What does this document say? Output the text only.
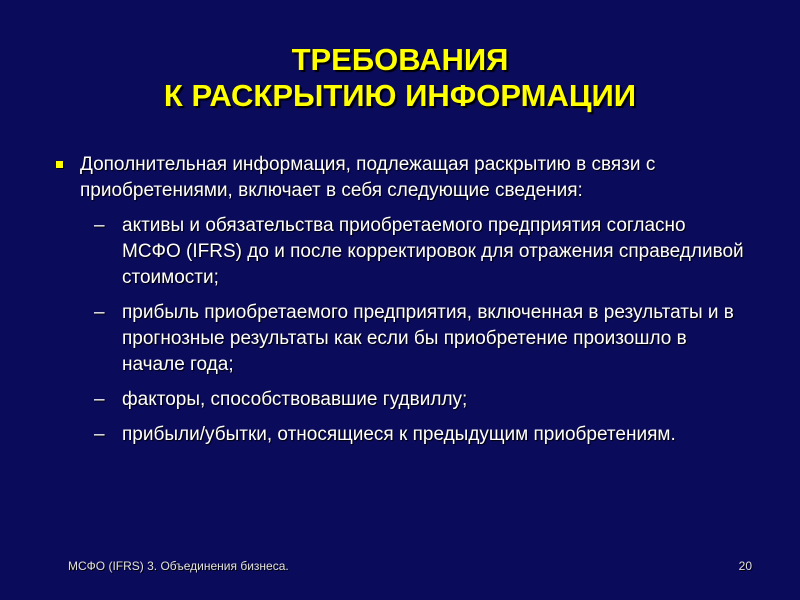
ТРЕБОВАНИЯ
К РАСКРЫТИЮ ИНФОРМАЦИИ
Дополнительная информация, подлежащая раскрытию в связи с приобретениями, включает в себя следующие сведения:
– активы и обязательства приобретаемого предприятия согласно МСФО (IFRS) до и после корректировок для отражения справедливой стоимости;
– прибыль приобретаемого предприятия, включенная в результаты и в прогнозные результаты как если бы приобретение произошло в начале года;
– факторы, способствовавшие гудвиллу;
– прибыли/убытки, относящиеся к предыдущим приобретениям.
МСФО (IFRS) 3. Объединения бизнеса.	20
